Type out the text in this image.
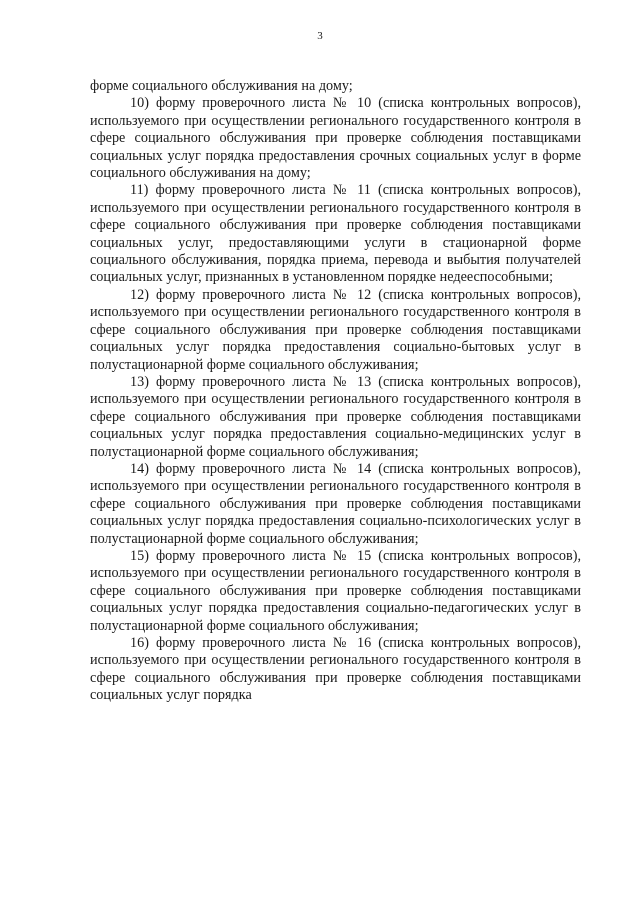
3

форме социального обслуживания на дому;

10) форму проверочного листа № 10 (списка контрольных вопросов), используемого при осуществлении регионального государственного контроля в сфере социального обслуживания при проверке соблюдения поставщиками социальных услуг порядка предоставления срочных социальных услуг в форме социального обслуживания на дому;

11) форму проверочного листа № 11 (списка контрольных вопросов), используемого при осуществлении регионального государственного контроля в сфере социального обслуживания при проверке соблюдения поставщиками социальных услуг, предоставляющими услуги в стационарной форме социального обслуживания, порядка приема, перевода и выбытия получателей социальных услуг, признанных в установленном порядке недееспособными;

12) форму проверочного листа № 12 (списка контрольных вопросов), используемого при осуществлении регионального государственного контроля в сфере социального обслуживания при проверке соблюдения поставщиками социальных услуг порядка предоставления социально-бытовых услуг в полустационарной форме социального обслуживания;

13) форму проверочного листа № 13 (списка контрольных вопросов), используемого при осуществлении регионального государственного контроля в сфере социального обслуживания при проверке соблюдения поставщиками социальных услуг порядка предоставления социально-медицинских услуг в полустационарной форме социального обслуживания;

14) форму проверочного листа № 14 (списка контрольных вопросов), используемого при осуществлении регионального государственного контроля в сфере социального обслуживания при проверке соблюдения поставщиками социальных услуг порядка предоставления социально-психологических услуг в полустационарной форме социального обслуживания;

15) форму проверочного листа № 15 (списка контрольных вопросов), используемого при осуществлении регионального государственного контроля в сфере социального обслуживания при проверке соблюдения поставщиками социальных услуг порядка предоставления социально-педагогических услуг в полустационарной форме социального обслуживания;

16) форму проверочного листа № 16 (списка контрольных вопросов), используемого при осуществлении регионального государственного контроля в сфере социального обслуживания при проверке соблюдения поставщиками социальных услуг порядка
